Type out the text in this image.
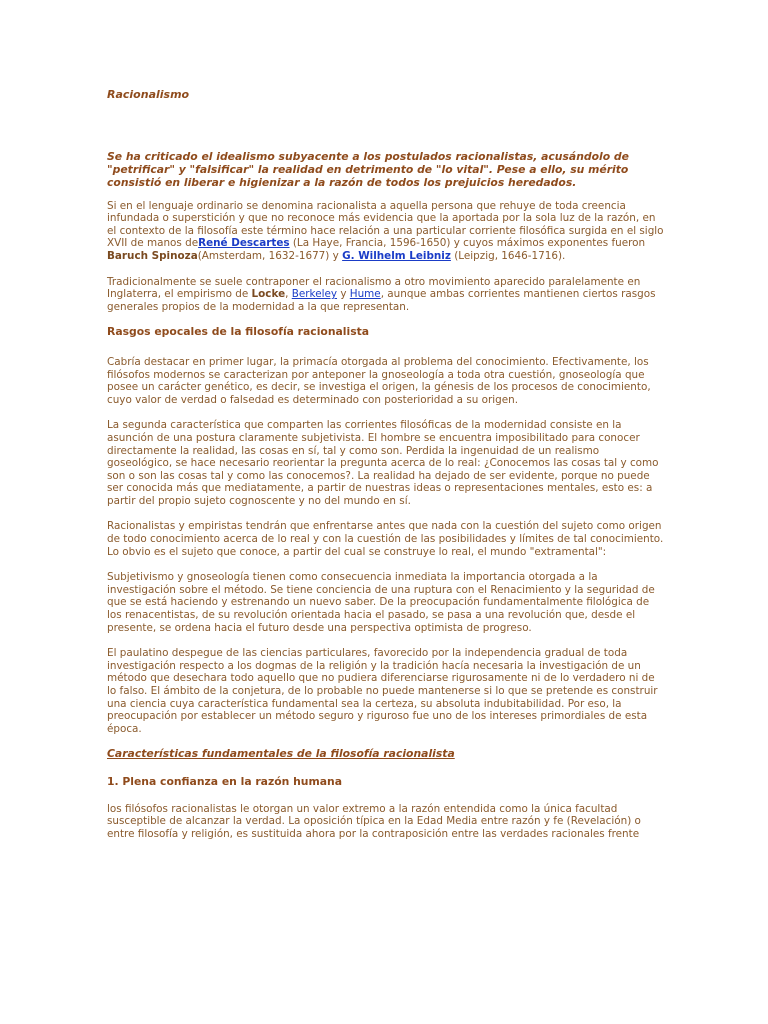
Racionalismo

Se ha criticado el idealismo subyacente a los postulados racionalistas, acusándolo de "petrificar" y "falsificar" la realidad en detrimento de "lo vital". Pese a ello, su mérito consistió en liberar e higienizar a la razón de todos los prejuicios heredados.

Si en el lenguaje ordinario se denomina racionalista a aquella persona que rehuye de toda creencia infundada o superstición y que no reconoce más evidencia que la aportada por la sola luz de la razón, en el contexto de la filosofía este término hace relación a una particular corriente filosófica surgida en el siglo XVII de manos deRené Descartes (La Haye, Francia, 1596-1650) y cuyos máximos exponentes fueron Baruch Spinoza(Amsterdam, 1632-1677) y G. Wilhelm Leibniz (Leipzig, 1646-1716).

Tradicionalmente se suele contraponer el racionalismo a otro movimiento aparecido paralelamente en Inglaterra, el empirismo de Locke, Berkeley y Hume, aunque ambas corrientes mantienen ciertos rasgos generales propios de la modernidad a la que representan.

Rasgos epocales de la filosofía racionalista

Cabría destacar en primer lugar, la primacía otorgada al problema del conocimiento. Efectivamente, los filósofos modernos se caracterizan por anteponer la gnoseología a toda otra cuestión, gnoseología que posee un carácter genético, es decir, se investiga el origen, la génesis de los procesos de conocimiento, cuyo valor de verdad o falsedad es determinado con posterioridad a su origen.

La segunda característica que comparten las corrientes filosóficas de la modernidad consiste en la asunción de una postura claramente subjetivista. El hombre se encuentra imposibilitado para conocer directamente la realidad, las cosas en sí, tal y como son. Perdida la ingenuidad de un realismo goseológico, se hace necesario reorientar la pregunta acerca de lo real: ¿Conocemos las cosas tal y como son o son las cosas tal y como las conocemos?. La realidad ha dejado de ser evidente, porque no puede ser conocida más que mediatamente, a partir de nuestras ideas o representaciones mentales, esto es: a partir del propio sujeto cognoscente y no del mundo en sí.

Racionalistas y empiristas tendrán que enfrentarse antes que nada con la cuestión del sujeto como origen de todo conocimiento acerca de lo real y con la cuestión de las posibilidades y límites de tal conocimiento. Lo obvio es el sujeto que conoce, a partir del cual se construye lo real, el mundo "extramental":

Subjetivismo y gnoseología tienen como consecuencia inmediata la importancia otorgada a la investigación sobre el método. Se tiene conciencia de una ruptura con el Renacimiento y la seguridad de que se está haciendo y estrenando un nuevo saber. De la preocupación fundamentalmente filológica de los renacentistas, de su revolución orientada hacia el pasado, se pasa a una revolución que, desde el presente, se ordena hacia el futuro desde una perspectiva optimista de progreso.

El paulatino despegue de las ciencias particulares, favorecido por la independencia gradual de toda investigación respecto a los dogmas de la religión y la tradición hacía necesaria la investigación de un método que desechara todo aquello que no pudiera diferenciarse rigurosamente ni de lo verdadero ni de lo falso. El ámbito de la conjetura, de lo probable no puede mantenerse si lo que se pretende es construir una ciencia cuya característica fundamental sea la certeza, su absoluta indubitabilidad. Por eso, la preocupación por establecer un método seguro y riguroso fue uno de los intereses primordiales de esta época.

Características fundamentales de la filosofía racionalista

1. Plena confianza en la razón humana

los filósofos racionalistas le otorgan un valor extremo a la razón entendida como la única facultad susceptible de alcanzar la verdad. La oposición típica en la Edad Media entre razón y fe (Revelación) o entre filosofía y religión, es sustituida ahora por la contraposición entre las verdades racionales frente
